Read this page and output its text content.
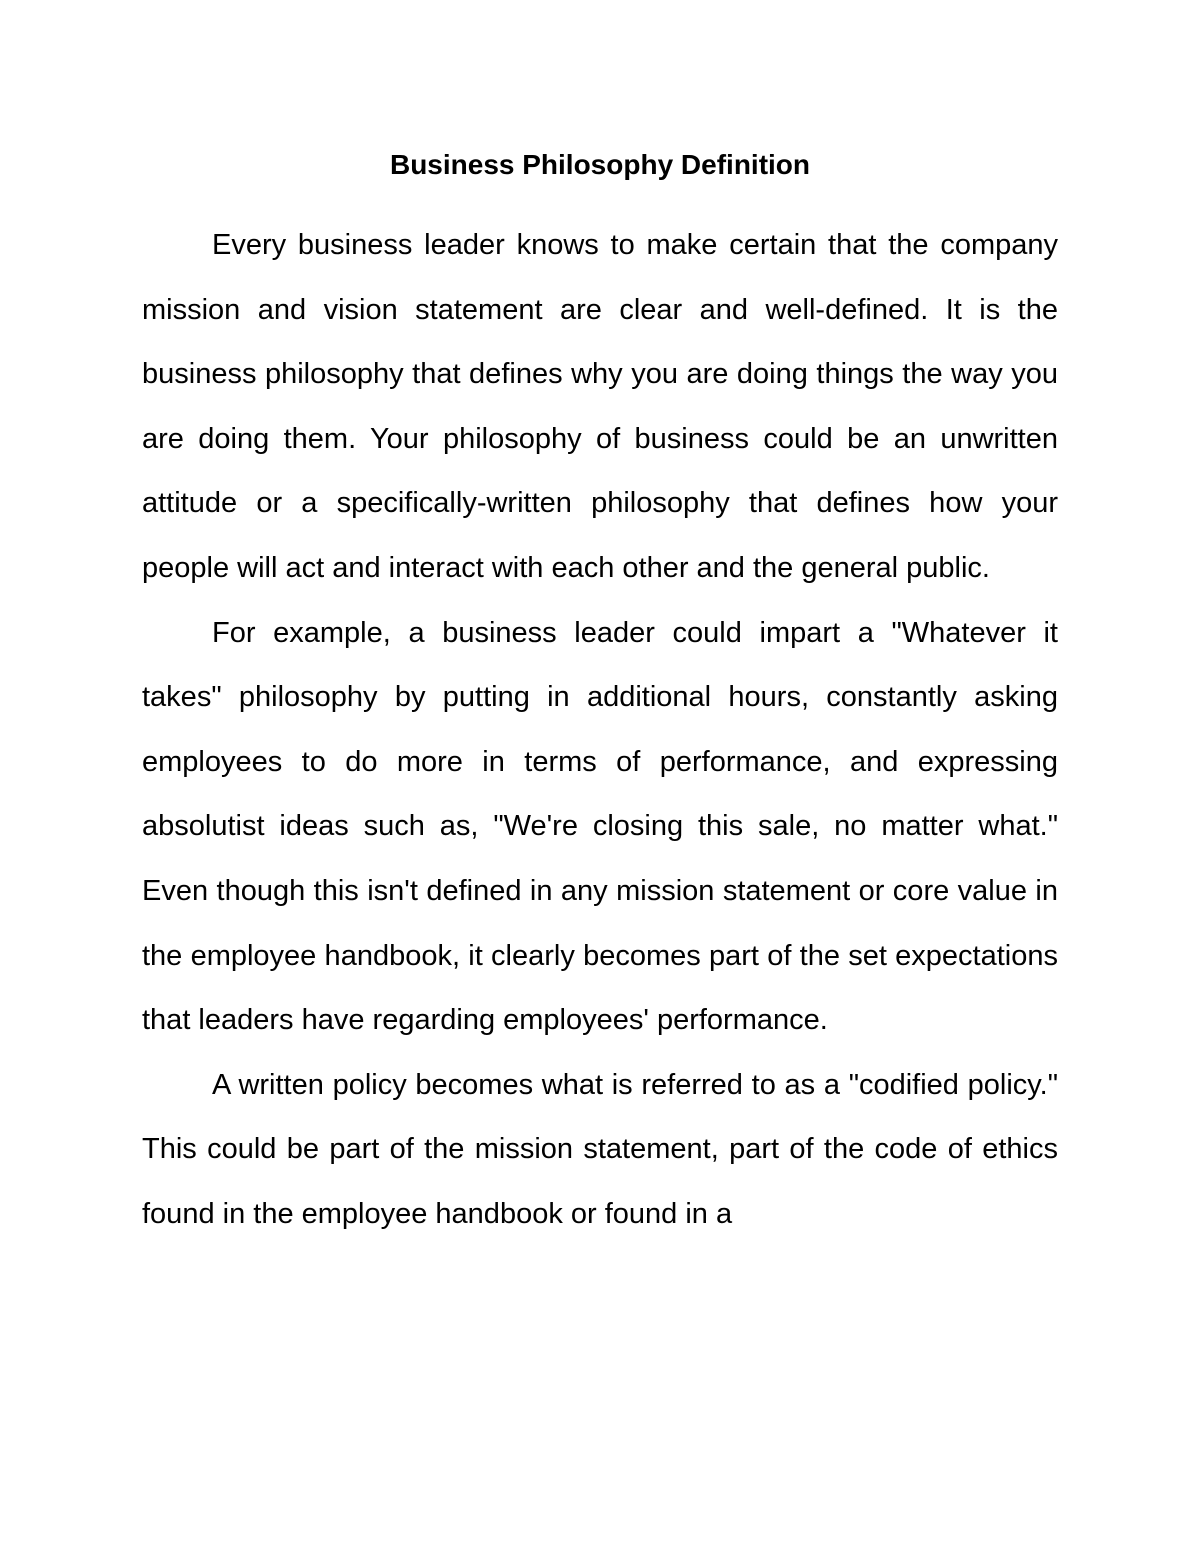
Business Philosophy Definition

Every business leader knows to make certain that the company mission and vision statement are clear and well-defined. It is the business philosophy that defines why you are doing things the way you are doing them. Your philosophy of business could be an unwritten attitude or a specifically-written philosophy that defines how your people will act and interact with each other and the general public.

For example, a business leader could impart a "Whatever it takes" philosophy by putting in additional hours, constantly asking employees to do more in terms of performance, and expressing absolutist ideas such as, "We're closing this sale, no matter what." Even though this isn't defined in any mission statement or core value in the employee handbook, it clearly becomes part of the set expectations that leaders have regarding employees' performance.

A written policy becomes what is referred to as a "codified policy." This could be part of the mission statement, part of the code of ethics found in the employee handbook or found in a
